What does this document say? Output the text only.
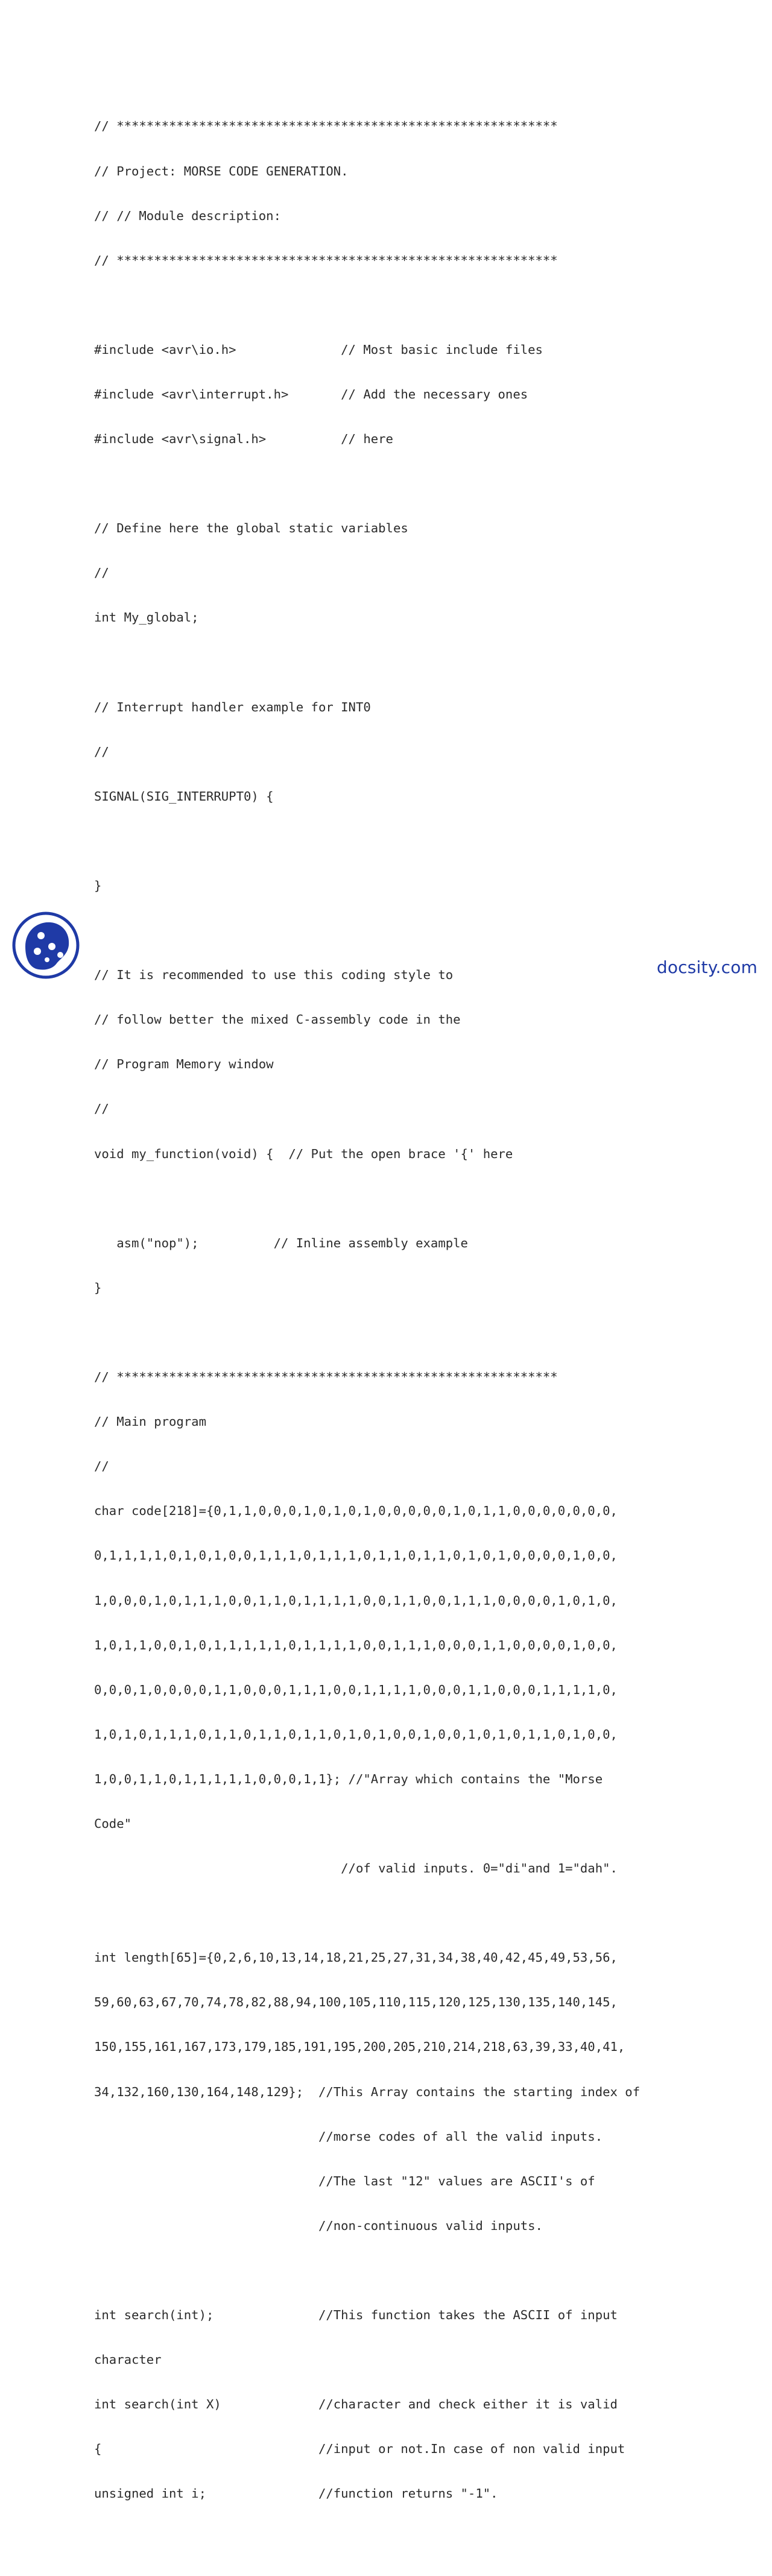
// ***********************************************************

// Project: MORSE CODE GENERATION.

// // Module description:

// ***********************************************************

#include <avr\io.h>              // Most basic include files

#include <avr\interrupt.h>       // Add the necessary ones

#include <avr\signal.h>          // here

// Define here the global static variables

//

int My_global;

// Interrupt handler example for INT0

//

SIGNAL(SIG_INTERRUPT0) {

}

// It is recommended to use this coding style to

// follow better the mixed C-assembly code in the

// Program Memory window

//

void my_function(void) {  // Put the open brace '{' here

asm("nop");          // Inline assembly example

}

// ***********************************************************

// Main program

//

char code[218]={0,1,1,0,0,0,1,0,1,0,1,0,0,0,0,0,1,0,1,1,0,0,0,0,0,0,0,

0,1,1,1,1,0,1,0,1,0,0,1,1,1,0,1,1,1,0,1,1,0,1,1,0,1,0,1,0,0,0,0,1,0,0,

1,0,0,0,1,0,1,1,1,0,0,1,1,0,1,1,1,1,0,0,1,1,0,0,1,1,1,0,0,0,0,1,0,1,0,

1,0,1,1,0,0,1,0,1,1,1,1,1,0,1,1,1,1,0,0,1,1,1,0,0,0,1,1,0,0,0,0,1,0,0,

0,0,0,1,0,0,0,0,1,1,0,0,0,1,1,1,0,0,1,1,1,1,0,0,0,1,1,0,0,0,1,1,1,1,0,

1,0,1,0,1,1,1,0,1,1,0,1,1,0,1,1,0,1,0,1,0,0,1,0,0,1,0,1,0,1,1,0,1,0,0,

1,0,0,1,1,0,1,1,1,1,1,0,0,0,1,1}; //"Array which contains the "Morse

Code"

//of valid inputs. 0="di"and 1="dah".

int length[65]={0,2,6,10,13,14,18,21,25,27,31,34,38,40,42,45,49,53,56,

59,60,63,67,70,74,78,82,88,94,100,105,110,115,120,125,130,135,140,145,

150,155,161,167,173,179,185,191,195,200,205,210,214,218,63,39,33,40,41,

34,132,160,130,164,148,129};  //This Array contains the starting index of

//morse codes of all the valid inputs.

//The last "12" values are ASCII's of

//non-continuous valid inputs.

int search(int);              //This function takes the ASCII of input

character

int search(int X)             //character and check either it is valid

{                             //input or not.In case of non valid input

unsigned int i;               //function returns "-1".

docsity.com
